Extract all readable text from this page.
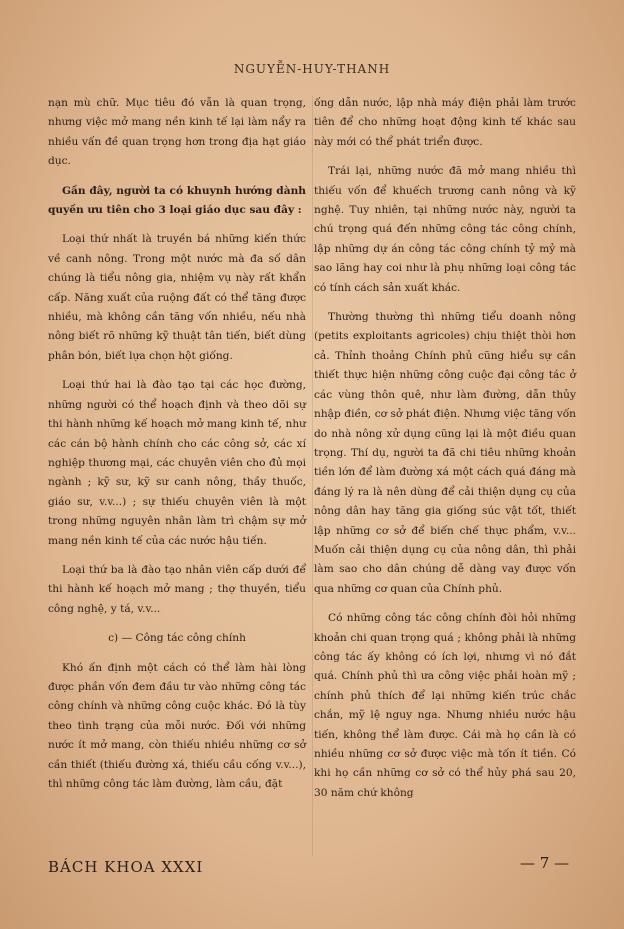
NGUYỄN-HUY-THANH

nạn mù chữ. Mục tiêu đó vẫn là quan trọng, nhưng việc mở mang nền kinh tế lại làm nẩy ra nhiều vấn đề quan trọng hơn trong địa hạt giáo dục.

Gần đây, người ta có khuynh hướng dành quyền ưu tiên cho 3 loại giáo dục sau đây :

Loại thứ nhất là truyền bá những kiến thức về canh nông. Trong một nước mà đa số dân chúng là tiểu nông gia, nhiệm vụ này rất khẩn cấp. Năng xuất của ruộng đất có thể tăng được nhiều, mà không cần tăng vốn nhiều, nếu nhà nông biết rõ những kỹ thuật tân tiến, biết dùng phân bón, biết lựa chọn hột giống.

Loại thứ hai là đào tạo tại các học đường, những người có thể hoạch định và theo dõi sự thi hành những kế hoạch mở mang kinh tế, như các cán bộ hành chính cho các công sở, các xí nghiệp thương mại, các chuyên viên cho đủ mọi ngành ; kỹ sư, kỹ sư canh nông, thầy thuốc, giáo sư, v.v...) ; sự thiếu chuyên viên là một trong những nguyên nhân làm trì chậm sự mở mang nền kinh tế của các nước hậu tiến.

Loại thứ ba là đào tạo nhân viên cấp dưới để thi hành kế hoạch mở mang ; thợ thuyền, tiểu công nghệ, y tá, v.v...

c) — Công tác công chính

Khó ấn định một cách có thể làm hài lòng được phần vốn đem đầu tư vào những công tác công chính và những công cuộc khác. Đó là tùy theo tình trạng của mỗi nước. Đối với những nước ít mở mang, còn thiếu nhiều những cơ sở cần thiết (thiếu đường xá, thiếu cầu cống v.v...), thì những công tác làm đường, làm cầu, đặt

ống dẫn nước, lập nhà máy điện phải làm trước tiên để cho những hoạt động kinh tế khác sau này mới có thể phát triển được.

Trái lại, những nước đã mở mang nhiều thì thiếu vốn để khuếch trương canh nông và kỹ nghệ. Tuy nhiên, tại những nước này, người ta chú trọng quá đến những công tác công chính, lập những dự án công tác công chính tỷ mỷ mà sao lãng hay coi như là phụ những loại công tác có tính cách sản xuất khác.

Thường thường thì những tiểu doanh nông (petits exploitants agricoles) chịu thiệt thòi hơn cả. Thỉnh thoảng Chính phủ cũng hiểu sự cần thiết thực hiện những công cuộc đại công tác ở các vùng thôn quê, như làm đường, dẫn thủy nhập điền, cơ sở phát điện. Nhưng việc tăng vốn do nhà nông xử dụng cũng lại là một điều quan trọng. Thí dụ, người ta đã chi tiêu những khoản tiền lớn để làm đường xá một cách quá đáng mà đáng lý ra là nên dùng để cải thiện dụng cụ của nông dân hay tăng gia giống súc vật tốt, thiết lập những cơ sở để biến chế thực phẩm, v.v... Muốn cải thiện dụng cụ của nông dân, thì phải làm sao cho dân chúng dễ dàng vay được vốn qua những cơ quan của Chính phủ.

Có những công tác công chính đòi hỏi những khoản chi quan trọng quá ; không phải là những công tác ấy không có ích lợi, nhưng vì nó đắt quá. Chính phủ thì ưa công việc phải hoàn mỹ ; chính phủ thích để lại những kiến trúc chắc chắn, mỹ lệ nguy nga. Nhưng nhiều nước hậu tiến, không thể làm được. Cái mà họ cần là có nhiều những cơ sở được việc mà tốn ít tiền. Có khi họ cần những cơ sở có thể hủy phá sau 20, 30 năm chứ không

BÁCH KHOA XXXI	— 7 —
